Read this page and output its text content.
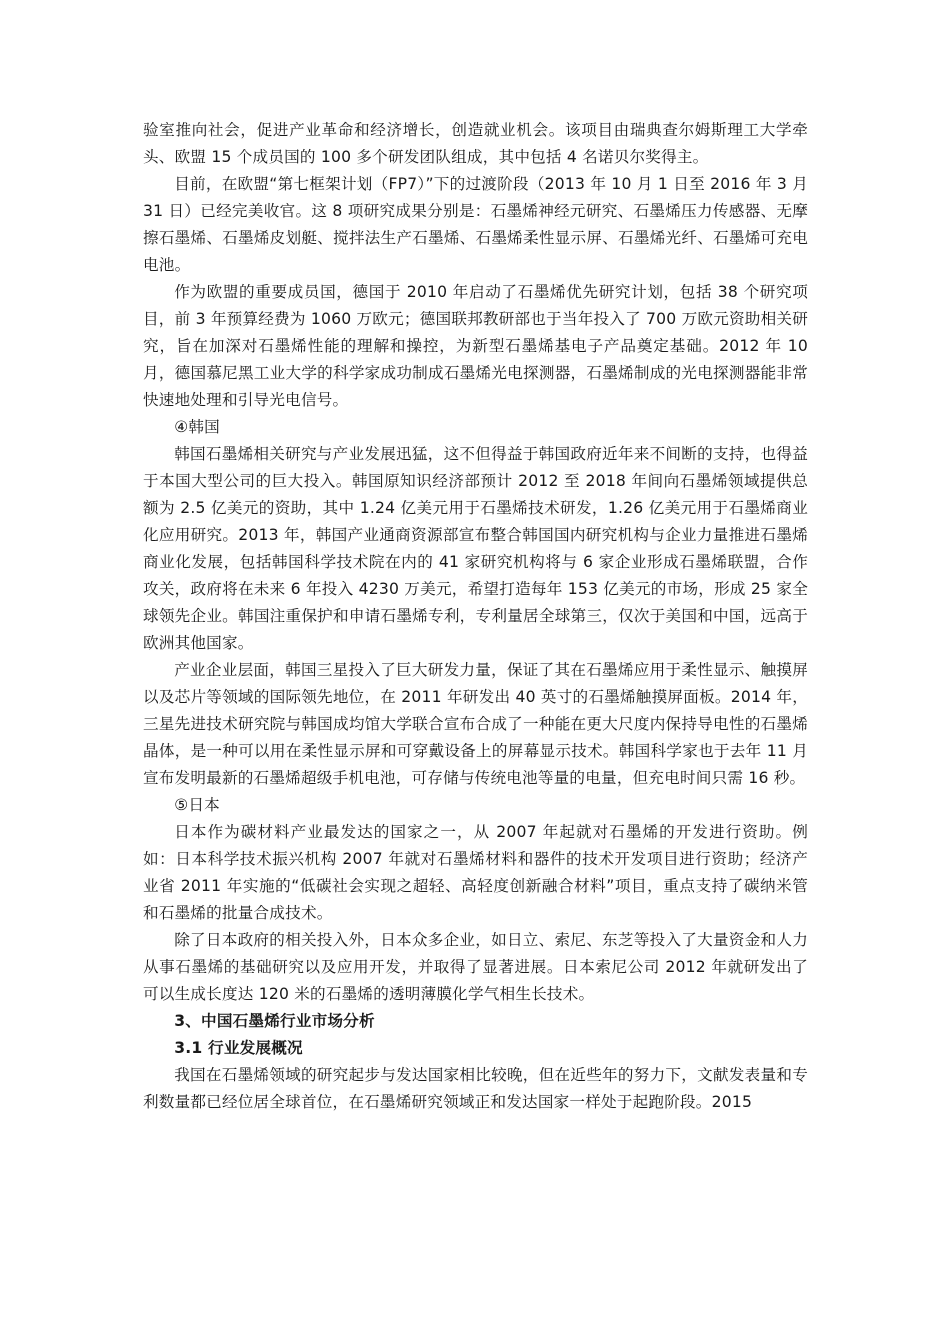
验室推向社会，促进产业革命和经济增长，创造就业机会。该项目由瑞典查尔姆斯理工大学牵头、欧盟 15 个成员国的 100 多个研发团队组成，其中包括 4 名诺贝尔奖得主。

目前，在欧盟“第七框架计划（FP7）”下的过渡阶段（2013 年 10 月 1 日至 2016 年 3 月 31 日）已经完美收官。这 8 项研究成果分别是：石墨烯神经元研究、石墨烯压力传感器、无摩擦石墨烯、石墨烯皮划艇、搅拌法生产石墨烯、石墨烯柔性显示屏、石墨烯光纤、石墨烯可充电电池。

作为欧盟的重要成员国，德国于 2010 年启动了石墨烯优先研究计划，包括 38 个研究项目，前 3 年预算经费为 1060 万欧元；德国联邦教研部也于当年投入了 700 万欧元资助相关研究，旨在加深对石墨烯性能的理解和操控，为新型石墨烯基电子产品奠定基础。2012 年 10 月，德国慕尼黑工业大学的科学家成功制成石墨烯光电探测器，石墨烯制成的光电探测器能非常快速地处理和引导光电信号。

④韩国

韩国石墨烯相关研究与产业发展迅猛，这不但得益于韩国政府近年来不间断的支持，也得益于本国大型公司的巨大投入。韩国原知识经济部预计 2012 至 2018 年间向石墨烯领域提供总额为 2.5 亿美元的资助，其中 1.24 亿美元用于石墨烯技术研发，1.26 亿美元用于石墨烯商业化应用研究。2013 年，韩国产业通商资源部宣布整合韩国国内研究机构与企业力量推进石墨烯商业化发展，包括韩国科学技术院在内的 41 家研究机构将与 6 家企业形成石墨烯联盟，合作攻关，政府将在未来 6 年投入 4230 万美元，希望打造每年 153 亿美元的市场，形成 25 家全球领先企业。韩国注重保护和申请石墨烯专利，专利量居全球第三，仅次于美国和中国，远高于欧洲其他国家。

产业企业层面，韩国三星投入了巨大研发力量，保证了其在石墨烯应用于柔性显示、触摸屏以及芯片等领域的国际领先地位，在 2011 年研发出 40 英寸的石墨烯触摸屏面板。2014 年，三星先进技术研究院与韩国成均馆大学联合宣布合成了一种能在更大尺度内保持导电性的石墨烯晶体，是一种可以用在柔性显示屏和可穿戴设备上的屏幕显示技术。韩国科学家也于去年 11 月宣布发明最新的石墨烯超级手机电池，可存储与传统电池等量的电量，但充电时间只需 16 秒。

⑤日本

日本作为碳材料产业最发达的国家之一，从 2007 年起就对石墨烯的开发进行资助。例如：日本科学技术振兴机构 2007 年就对石墨烯材料和器件的技术开发项目进行资助；经济产业省 2011 年实施的“低碳社会实现之超轻、高轻度创新融合材料”项目，重点支持了碳纳米管和石墨烯的批量合成技术。

除了日本政府的相关投入外，日本众多企业，如日立、索尼、东芝等投入了大量资金和人力从事石墨烯的基础研究以及应用开发，并取得了显著进展。日本索尼公司 2012 年就研发出了可以生成长度达 120 米的石墨烯的透明薄膜化学气相生长技术。

3、中国石墨烯行业市场分析

3.1 行业发展概况

我国在石墨烯领域的研究起步与发达国家相比较晚，但在近些年的努力下，文献发表量和专利数量都已经位居全球首位，在石墨烯研究领域正和发达国家一样处于起跑阶段。2015
